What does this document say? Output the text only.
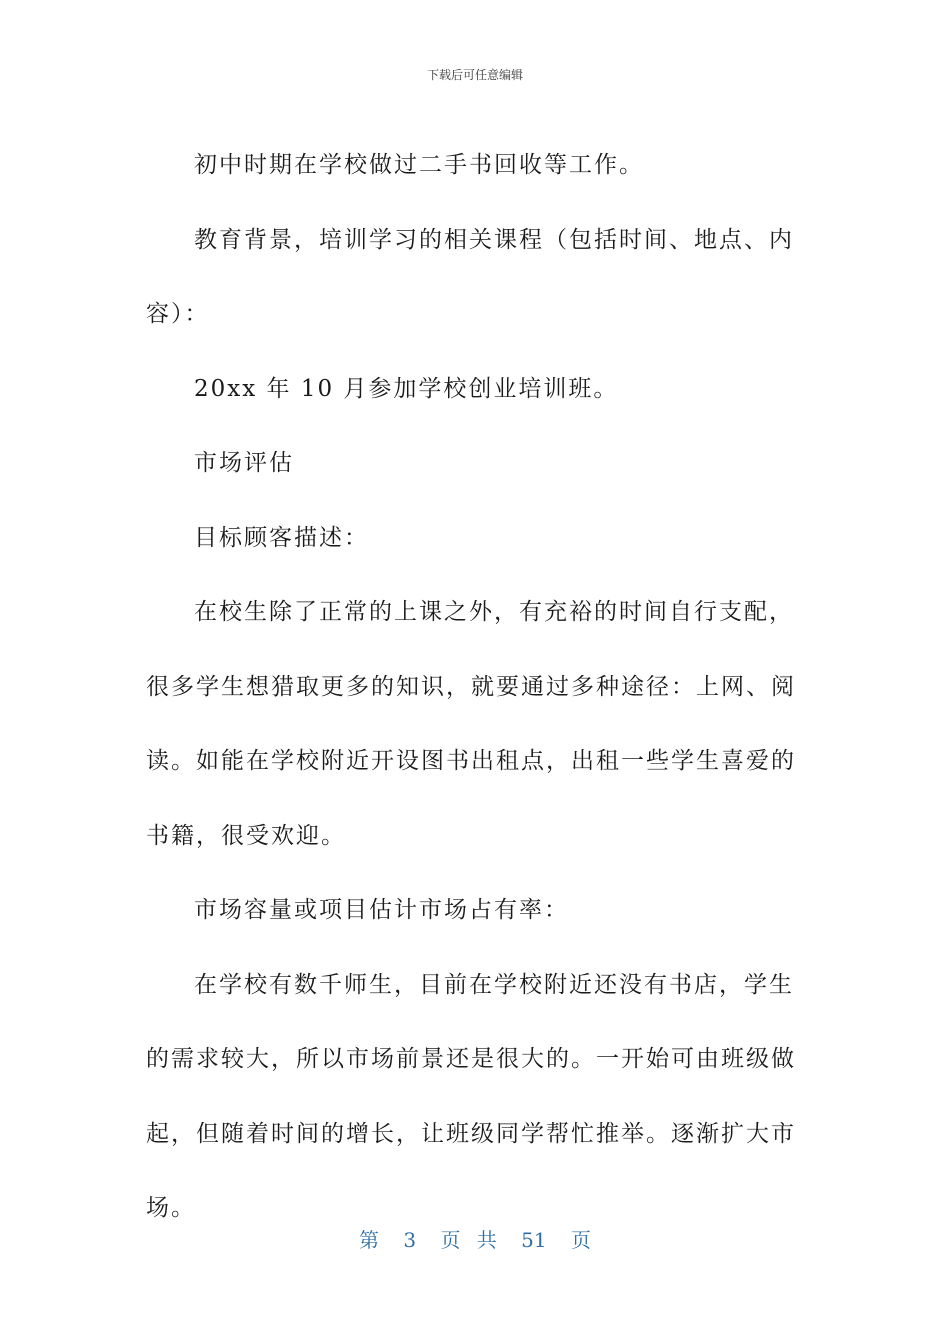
下载后可任意编辑

初中时期在学校做过二手书回收等工作。

教育背景，培训学习的相关课程（包括时间、地点、内容）：

20xx 年 10 月参加学校创业培训班。

市场评估

目标顾客描述：

在校生除了正常的上课之外，有充裕的时间自行支配，很多学生想猎取更多的知识，就要通过多种途径：上网、阅读。如能在学校附近开设图书出租点，出租一些学生喜爱的书籍，很受欢迎。

市场容量或项目估计市场占有率：

在学校有数千师生，目前在学校附近还没有书店，学生的需求较大，所以市场前景还是很大的。一开始可由班级做起，但随着时间的增长，让班级同学帮忙推举。逐渐扩大市场。

第 3 页 共 51 页
